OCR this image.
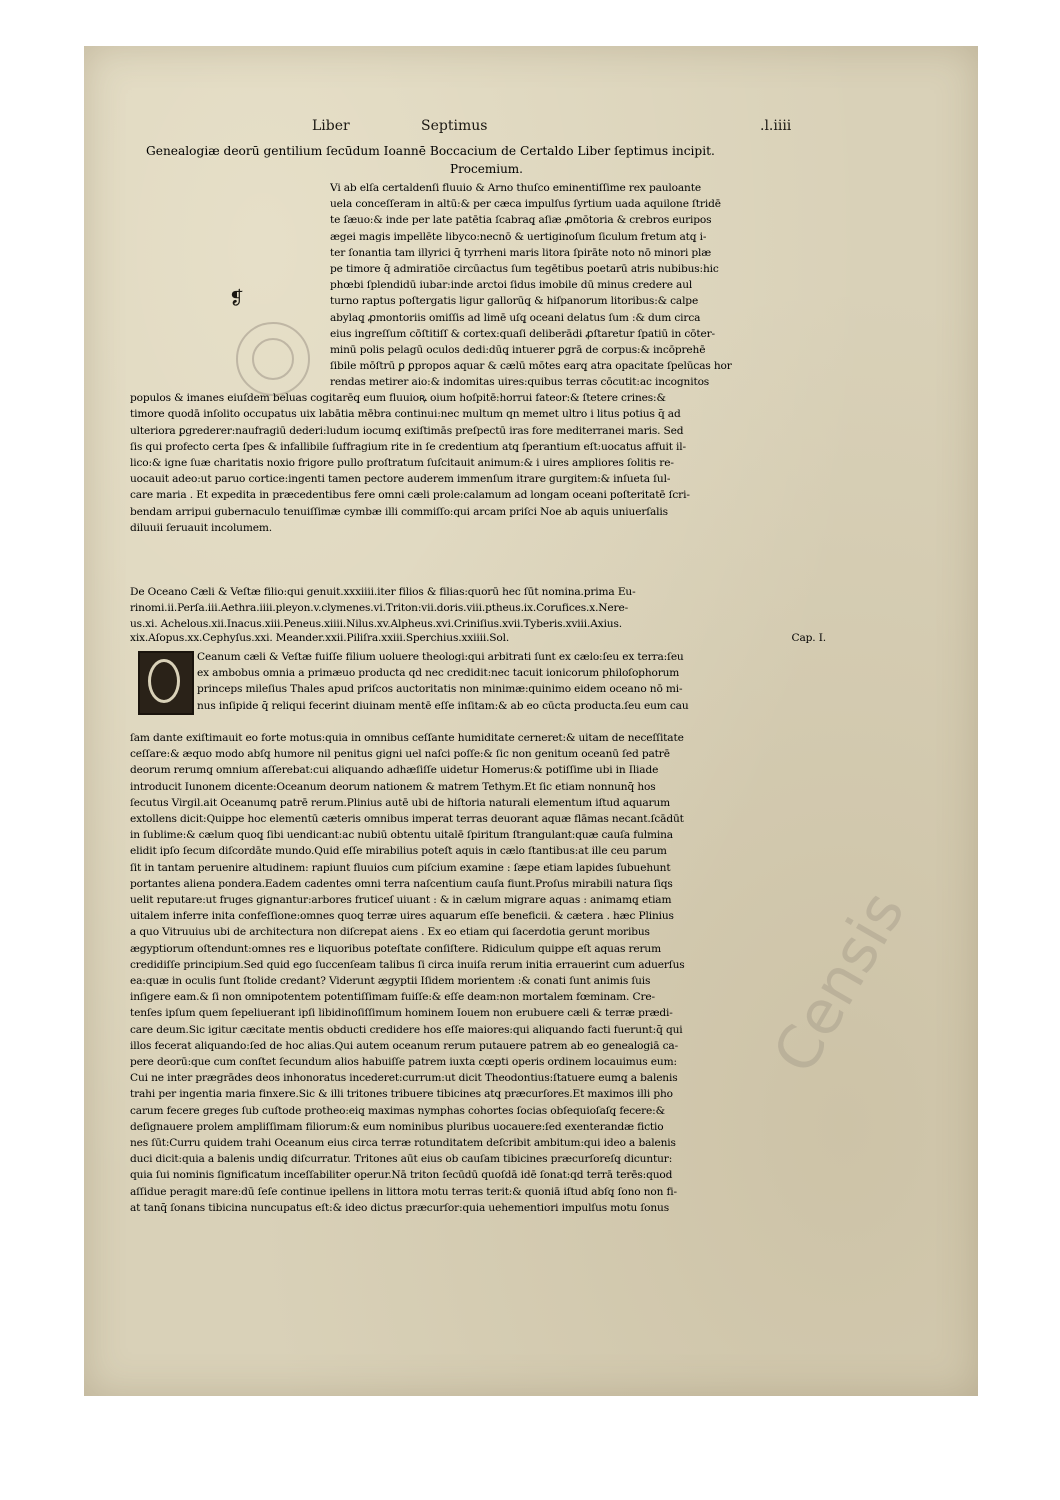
Liber	Septimus	.l.iiii
Genealogiæ deorū gentilium ſecūdum Ioannē Boccacium de Certaldo Liber ſeptimus incipit.
Procemium.
❡
Vi ab elſa certaldenſi fluuio & Arno thuſco eminentiſſime rex pauloante
uela conceſſeram in altū:& per cæca impulſus ſyrtium uada aquilone ſtridē
te ſæuo:& inde per late patētia ſcabraq̨ aſiæ ꝓmōtoria & crebros euripos
ægei magis impellēte libyco:necnō & uertiginoſum ſiculum fretum atq̨ i-
ter ſonantia tam illyrici q̄ tyrrheni maris litora ſpirāte noto nō minori plæ
pe timore q̄ admiratiōe circūactus ſum tegētibus poetarū atris nubibus:hic
phœbi ſplendidū iubar:inde arctoi ſidus imobile dū minus credere aul
turno raptus poſtergatis ligur gallorūq̨ & hiſpanorum litoribus:& calpe
abylaq̨ ꝓmontoriis omiſſis ad limē uſq̨ oceani delatus ſum :& dum circa
eius ingreſſum cōſtitiſſ & cortex:quaſi deliberādi ꝓſtaretur ſpatiū in cōter-
minū polis pelagū oculos dedi:dūq̨ intuerer ꝑgrā de corpus:& incōprehē
ſibile mōſtrū ꝑ ꝑpropos aquar & cælū mōtes earq̨ atra opacitate ſpelūcas hor
rendas metirer aio:& indomitas uires:quibus terras cōcutit:ac incognitos
populos & imanes eiuſdem beluas cogitarēq̨ eum fluuioꝶ oium hoſpitē:horrui fateor:& ſtetere crines:&
timore quodā inſolito occupatus uix labātia mēbra continui:nec multum qn memet ultro i litus potius q̄ ad
ulteriora ꝑgrederer:naufragiū dederi:ludum iocumq̨ exiſtimās preſpectū iras fore mediterranei maris. Sed
ſis qui profecto certa ſpes & infallibile ſuffragium rite in ſe credentium atq̨ ſperantium eſt:uocatus affuit il-
lico:& igne ſuæ charitatis noxio frigore pullo proſtratum ſuſcitauit animum:& i uires ampliores ſolitis re-
uocauit adeo:ut paruo cortice:ingenti tamen pectore auderem immenſum itrare gurgitem:& inſueta ſul-
care maria . Et expedita in præcedentibus fere omni cæli prole:calamum ad longam oceani poſteritatē ſcri-
bendam arripui gubernaculo tenuiſſimæ cymbæ illi commiſſo:qui arcam priſci Noe ab aquis uniuerſalis
diluuii ſeruauit incolumem.
De Oceano Cæli & Veſtæ filio:qui genuit.xxxiiii.iter filios & filias:quorū hec ſūt nomina.prima Eu-
rinomi.ii.Perſa.iii.Aethra.iiii.pleyon.v.clymenes.vi.Triton:vii.doris.viii.ptheus.ix.Corufices.x.Nere-
us.xi. Achelous.xii.Inacus.xiii.Peneus.xiiii.Nilus.xv.Alpheus.xvi.Criniſius.xvii.Tyberis.xviii.Axius.
xix.Aſopus.xx.Cephyſus.xxi. Meander.xxii.Piliſra.xxiii.Sperchius.xxiiii.Sol.	Cap. I.
Ceanum cæli & Veſtæ fuiſſe filium uoluere theologi:qui arbitrati ſunt ex cælo:ſeu ex terra:ſeu
ex ambobus omnia a primæuo producta qd nec credidit:nec tacuit ionicorum philoſophorum
princeps mileſius Thales apud priſcos auctoritatis non minimæ:quinimo eidem oceano nō mi-
nus inſipide q̄ reliqui fecerint diuinam mentē eſſe inſitam:& ab eo cūcta producta.ſeu eum cau
ſam dante exiſtimauit eo forte motus:quia in omnibus ceſſante humiditate cerneret:& uitam de neceſſitate
ceſſare:& æquo modo abſq̨ humore nil penitus gigni uel naſci poſſe:& ſic non genitum oceanū ſed patrē
deorum rerumq̨ omnium aſſerebat:cui aliquando adhæſiſſe uidetur Homerus:& potiſſime ubi in Iliade
introducit Iunonem dicente:Oceanum deorum nationem & matrem Tethym.Et ſic etiam nonnunq̄ hos
ſecutus Virgil.ait Oceanumq̨ patrē rerum.Plinius autē ubi de hiſtoria naturali elementum iſtud aquarum
extollens dicit:Quippe hoc elementū cæteris omnibus imperat terras deuorant aquæ flāmas necant.ſcādūt
in ſublime:& cælum quoq̨ ſibi uendicant:ac nubiū obtentu uitalē ſpiritum ſtrangulant:quæ cauſa fulmina
elidit ipſo ſecum diſcordāte mundo.Quid eſſe mirabilius poteſt aquis in cælo ſtantibus:at ille ceu parum
ſit in tantam peruenire altudinem: rapiunt fluuios cum piſcium examine : ſæpe etiam lapides ſubuehunt
portantes aliena pondera.Eadem cadentes omni terra naſcentium cauſa fiunt.Proſus mirabili natura ſiqs
uelit reputare:ut fruges gignantur:arbores fruticeſ uiuant : & in cælum migrare aquas : animamq̨ etiam
uitalem inferre inita confeſſione:omnes quoq̨ terræ uires aquarum eſſe beneficii. & cætera . hæc Plinius
a quo Vitruuius ubi de architectura non diſcrepat aiens . Ex eo etiam qui ſacerdotia gerunt moribus
ægyptiorum oſtendunt:omnes res e liquoribus poteſtate conſiſtere. Ridiculum quippe eſt aquas rerum
credidiſſe principium.Sed quid ego ſuccenſeam talibus ſi circa inuiſa rerum initia errauerint cum aduerſus
ea:quæ in oculis ſunt ſtolide credant? Viderunt ægyptii Iſidem morientem :& conati ſunt animis ſuis
inſigere eam.& ſi non omnipotentem potentiſſimam fuiſſe:& eſſe deam:non mortalem fœminam. Cre-
tenſes ipſum quem ſepeliuerant ipſi libidinoſiſſimum hominem Iouem non erubuere cæli & terræ prædi-
care deum.Sic igitur cæcitate mentis obducti credidere hos eſſe maiores:qui aliquando facti fuerunt:q̄ qui
illos fecerat aliquando:ſed de hoc alias.Qui autem oceanum rerum putauere patrem ab eo genealogiā ca-
pere deorū:que cum conſtet ſecundum alios habuiſſe patrem iuxta cœpti operis ordinem locauimus eum:
Cui ne inter prægrādes deos inhonoratus incederet:currum:ut dicit Theodontius:ſtatuere eumq̨ a balenis
trahi per ingentia maria finxere.Sic & illi tritones tribuere tibicines atq̨ præcurſores.Et maximos illi pho
carum fecere greges ſub cuſtode protheo:eiq̨ maximas nymphas cohortes ſocias obſequioſaſq̨ fecere:&
deſignauere prolem ampliſſimam filiorum:& eum nominibus pluribus uocauere:ſed exenterandæ fictio
nes ſūt:Curru quidem trahi Oceanum eius circa terræ rotunditatem deſcribit ambitum:qui ideo a balenis
duci dicit:quia a balenis undiq̨ diſcurratur. Tritones aūt eius ob cauſam tibicines præcurſoreſq̨ dicuntur:
quia ſui nominis ſignificatum inceſſabiliter operur.Nā triton ſecūdū quoſdā idē ſonat:qd terrā terēs:quod
aſſidue peragit mare:dū ſeſe continue ipellens in littora motu terras terit:& quoniā iſtud abſq̨ ſono non fi-
at tanq̄ ſonans tibicina nuncupatus eſt:& ideo dictus præcurſor:quia uehementiori impulſus motu ſonus
Censis
